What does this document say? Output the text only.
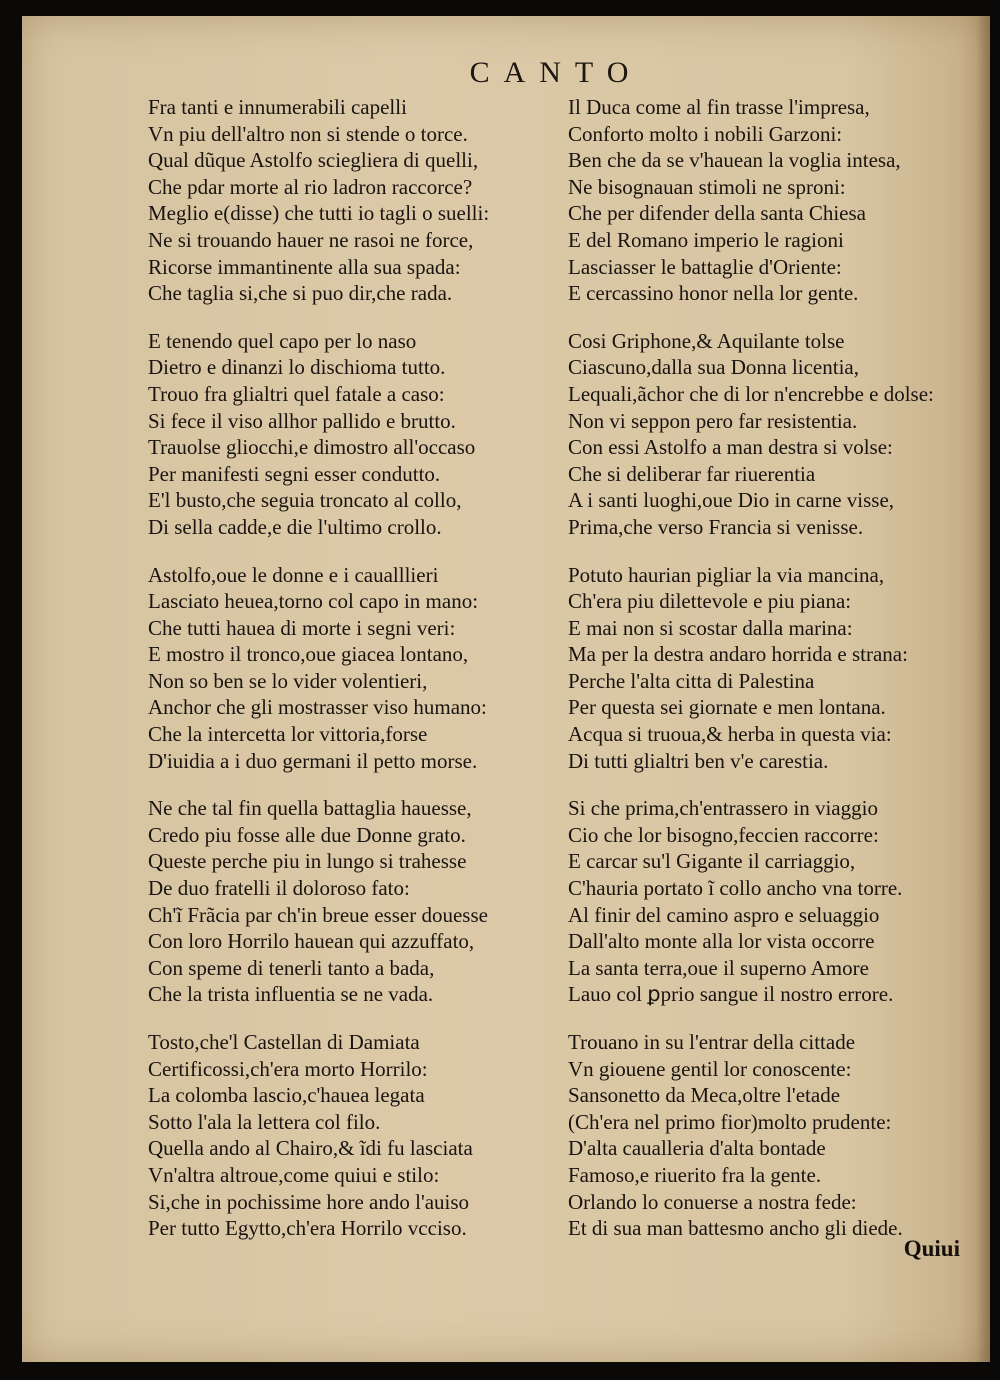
CANTO
Fra tanti e innumerabili capelli
Vn piu dell'altro non si stende o torce.
Qual dũque Astolfo sciegliera di quelli,
Che pdar morte al rio ladron raccorce?
Meglio e(disse) che tutti io tagli o suelli:
Ne si trouando hauer ne rasoi ne force,
Ricorse immantinente alla sua spada:
Che taglia si,che si puo dir,che rada.
E tenendo quel capo per lo naso
Dietro e dinanzi lo dischioma tutto.
Trouo fra glialtri quel fatale a caso:
Si fece il viso allhor pallido e brutto.
Trauolse gliocchi,e dimostro all'occaso
Per manifesti segni esser condutto.
E'l busto,che seguia troncato al collo,
Di sella cadde,e die l'ultimo crollo.
Astolfo,oue le donne e i caualllieri
Lasciato heuea,torno col capo in mano:
Che tutti hauea di morte i segni veri:
E mostro il tronco,oue giacea lontano,
Non so ben se lo vider volentieri,
Anchor che gli mostrasser viso humano:
Che la intercetta lor vittoria,forse
D'iuidia a i duo germani il petto morse.
Ne che tal fin quella battaglia hauesse,
Credo piu fosse alle due Donne grato.
Queste perche piu in lungo si trahesse
De duo fratelli il doloroso fato:
Ch'ĩ Frãcia par ch'in breue esser douesse
Con loro Horrilo hauean qui azzuffato,
Con speme di tenerli tanto a bada,
Che la trista influentia se ne vada.
Tosto,che'l Castellan di Damiata
Certificossi,ch'era morto Horrilo:
La colomba lascio,c'hauea legata
Sotto l'ala la lettera col filo.
Quella ando al Chairo,& ĩdi fu lasciata
Vn'altra altroue,come quiui e stilo:
Si,che in pochissime hore ando l'auiso
Per tutto Egytto,ch'era Horrilo vcciso.
Il Duca come al fin trasse l'impresa,
Conforto molto i nobili Garzoni:
Ben che da se v'hauean la voglia intesa,
Ne bisognauan stimoli ne sproni:
Che per difender della santa Chiesa
E del Romano imperio le ragioni
Lasciasser le battaglie d'Oriente:
E cercassino honor nella lor gente.
Cosi Griphone,& Aquilante tolse
Ciascuno,dalla sua Donna licentia,
Lequali,ãchor che di lor n'encrebbe e dolse:
Non vi seppon pero far resistentia.
Con essi Astolfo a man destra si volse:
Che si deliberar far riuerentia
A i santi luoghi,oue Dio in carne visse,
Prima,che verso Francia si venisse.
Potuto haurian pigliar la via mancina,
Ch'era piu dilettevole e piu piana:
E mai non si scostar dalla marina:
Ma per la destra andaro horrida e strana:
Perche l'alta citta di Palestina
Per questa sei giornate e men lontana.
Acqua si truoua,& herba in questa via:
Di tutti glialtri ben v'e carestia.
Si che prima,ch'entrassero in viaggio
Cio che lor bisogno,feccien raccorre:
E carcar su'l Gigante il carriaggio,
C'hauria portato ĩ collo ancho vna torre.
Al finir del camino aspro e seluaggio
Dall'alto monte alla lor vista occorre
La santa terra,oue il superno Amore
Lauo col ꝑprio sangue il nostro errore.
Trouano in su l'entrar della cittade
Vn giouene gentil lor conoscente:
Sansonetto da Meca,oltre l'etade
(Ch'era nel primo fior)molto prudente:
D'alta caualleria d'alta bontade
Famoso,e riuerito fra la gente.
Orlando lo conuerse a nostra fede:
Et di sua man battesmo ancho gli diede.
Quiui
